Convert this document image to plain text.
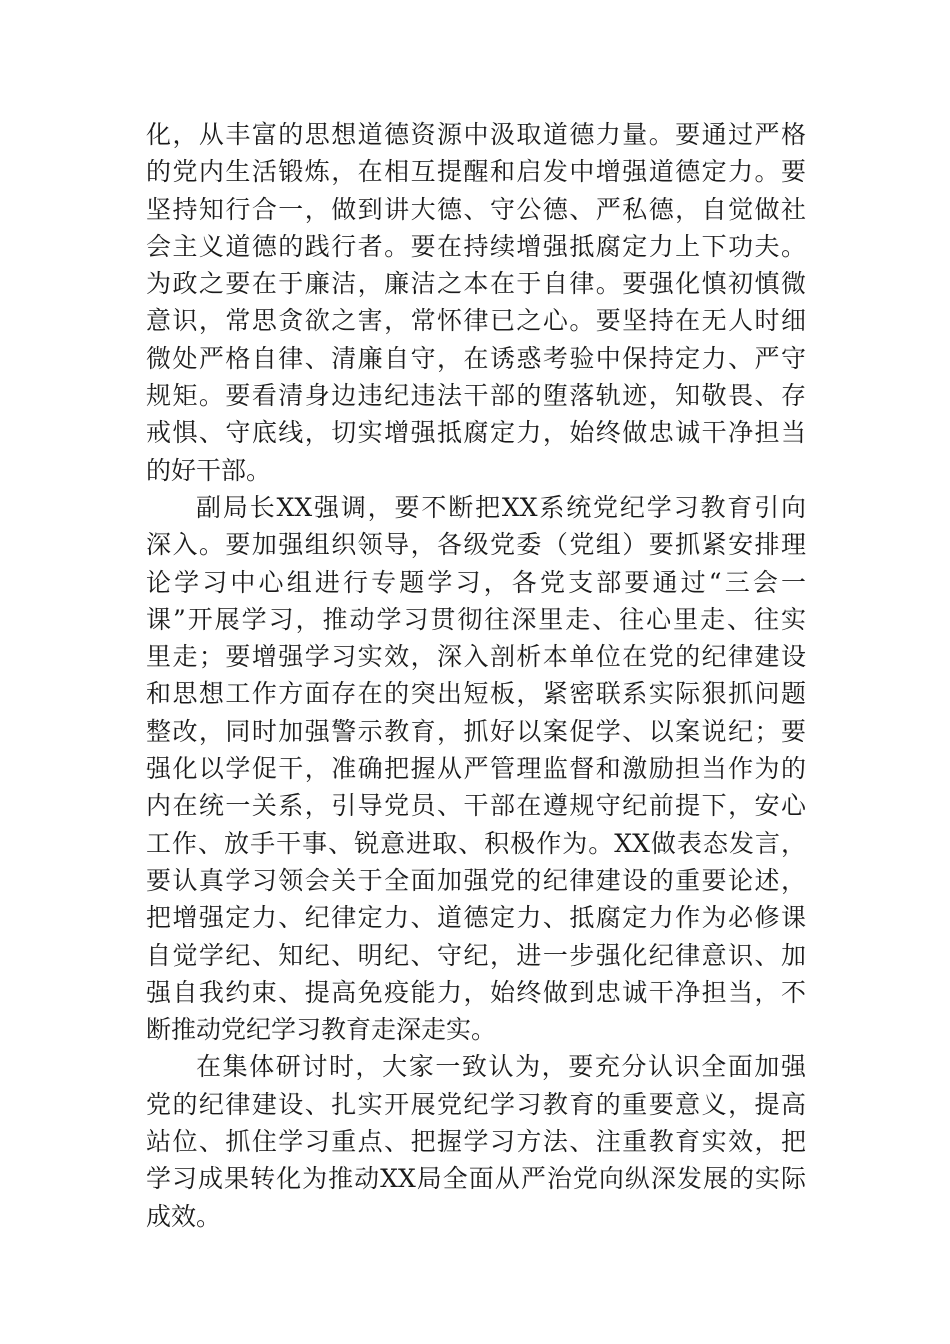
化，从丰富的思想道德资源中汲取道德力量。要通过严格
的党内生活锻炼，在相互提醒和启发中增强道德定力。要
坚持知行合一，做到讲大德、守公德、严私德，自觉做社
会主义道德的践行者。要在持续增强抵腐定力上下功夫。
为政之要在于廉洁，廉洁之本在于自律。要强化慎初慎微
意识，常思贪欲之害，常怀律已之心。要坚持在无人时细
微处严格自律、清廉自守，在诱惑考验中保持定力、严守
规矩。要看清身边违纪违法干部的堕落轨迹，知敬畏、存
戒惧、守底线，切实增强抵腐定力，始终做忠诚干净担当
的好干部。
副局长XX强调，要不断把XX系统党纪学习教育引向
深入。要加强组织领导，各级党委（党组）要抓紧安排理
论学习中心组进行专题学习，各党支部要通过“三会一
课”开展学习，推动学习贯彻往深里走、往心里走、往实
里走；要增强学习实效，深入剖析本单位在党的纪律建设
和思想工作方面存在的突出短板，紧密联系实际狠抓问题
整改，同时加强警示教育，抓好以案促学、以案说纪；要
强化以学促干，准确把握从严管理监督和激励担当作为的
内在统一关系，引导党员、干部在遵规守纪前提下，安心
工作、放手干事、锐意进取、积极作为。XX做表态发言，
要认真学习领会关于全面加强党的纪律建设的重要论述，
把增强定力、纪律定力、道德定力、抵腐定力作为必修课
自觉学纪、知纪、明纪、守纪，进一步强化纪律意识、加
强自我约束、提高免疫能力，始终做到忠诚干净担当，不
断推动党纪学习教育走深走实。
在集体研讨时，大家一致认为，要充分认识全面加强
党的纪律建设、扎实开展党纪学习教育的重要意义，提高
站位、抓住学习重点、把握学习方法、注重教育实效，把
学习成果转化为推动XX局全面从严治党向纵深发展的实际
成效。
